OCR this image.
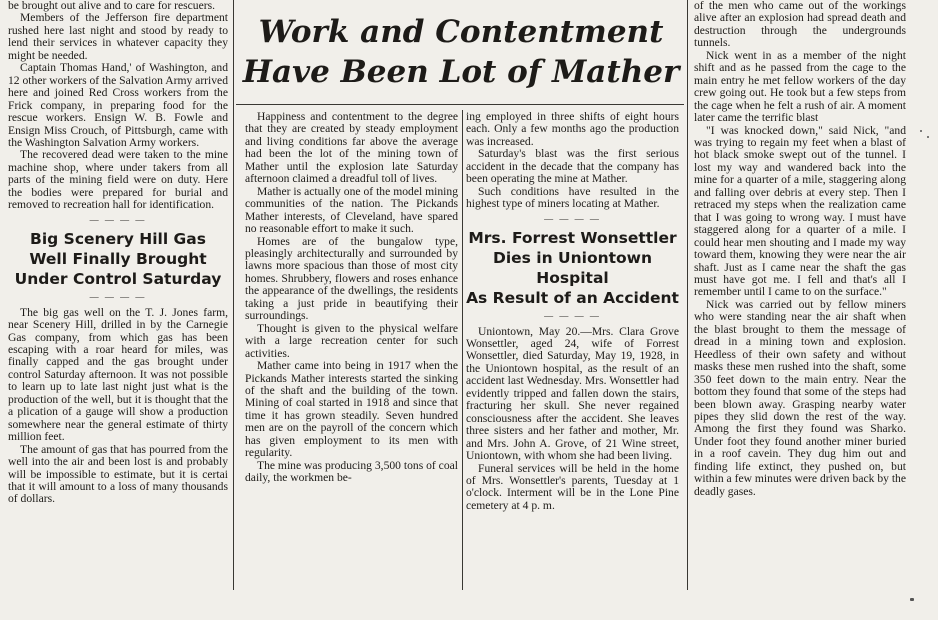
Work and Contentment
Have Been Lot of Mather

be brought out alive and to care for rescuers.

Members of the Jefferson fire department rushed here last night and stood by ready to lend their services in whatever capacity they might be needed.

Captain Thomas Hand,' of Washington, and 12 other workers of the Salvation Army arrived here and joined Red Cross workers from the Frick company, in preparing food for the rescue workers. Ensign W. B. Fowle and Ensign Miss Crouch, of Pittsburgh, came with the Washington Salvation Army workers.

The recovered dead were taken to the mine machine shop, where under takers from all parts of the mining field were on duty. Here the bodies were prepared for burial and removed to recreation hall for identification.

— — — —
Big Scenery Hill Gas
Well Finally Brought
Under Control Saturday
— — — —

The big gas well on the T. J. Jones farm, near Scenery Hill, drilled in by the Carnegie Gas company, from which gas has been escaping with a roar heard for miles, was finally capped and the gas brought under control Saturday afternoon. It was not possible to learn up to late last night just what is the production of the well, but it is thought that the a plication of a gauge will show a production somewhere near the general estimate of thirty million feet.

The amount of gas that has pourred from the well into the air and been lost is and probably will be impossible to estimate, but it is certai that it will amount to a loss of many thousands of dollars.

Happiness and contentment to the degree that they are created by steady employment and living conditions far above the average had been the lot of the mining town of Mather until the explosion late Saturday afternoon claimed a dreadful toll of lives.

Mather is actually one of the model mining communities of the nation. The Pickands Mather interests, of Cleveland, have spared no reasonable effort to make it such.

Homes are of the bungalow type, pleasingly architecturally and surrounded by lawns more spacious than those of most city homes. Shrubbery, flowers and roses enhance the appearance of the dwellings, the residents taking a just pride in beautifying their surroundings.

Thought is given to the physical welfare with a large recreation center for such activities.

Mather came into being in 1917 when the Pickands Mather interests started the sinking of the shaft and the building of the town. Mining of coal started in 1918 and since that time it has grown steadily. Seven hundred men are on the payroll of the concern which has given employment to its men with regularity.

The mine was producing 3,500 tons of coal daily, the workmen be-

ing employed in three shifts of eight hours each. Only a few months ago the production was increased.

Saturday's blast was the first serious accident in the decade that the company has been operating the mine at Mather.

Such conditions have resulted in the highest type of miners locating at Mather.

— — — —
Mrs. Forrest Wonsettler
Dies in Uniontown Hospital
As Result of an Accident
— — — —

Uniontown, May 20.—Mrs. Clara Grove Wonsettler, aged 24, wife of Forrest Wonsettler, died Saturday, May 19, 1928, in the Uniontown hospital, as the result of an accident last Wednesday. Mrs. Wonsettler had evidently tripped and fallen down the stairs, fracturing her skull. She never regained consciousness after the accident. She leaves three sisters and her father and mother, Mr. and Mrs. John A. Grove, of 21 Wine street, Uniontown, with whom she had been living.

Funeral services will be held in the home of Mrs. Wonsettler's parents, Tuesday at 1 o'clock. Interment will be in the Lone Pine cemetery at 4 p. m.

of the men who came out of the workings alive after an explosion had spread death and destruction through the undergrounds tunnels.

Nick went in as a member of the night shift and as he passed from the cage to the main entry he met fellow workers of the day crew going out. He took but a few steps from the cage when he felt a rush of air. A moment later came the terrific blast

"I was knocked down," said Nick, "and was trying to regain my feet when a blast of hot black smoke swept out of the tunnel. I lost my way and wandered back into the mine for a quarter of a mile, staggering along and falling over debris at every step. Then I retraced my steps when the realization came that I was going to wrong way. I must have staggered along for a quarter of a mile. I could hear men shouting and I made my way toward them, knowing they were near the air shaft. Just as I came near the shaft the gas must have got me. I fell and that's all I remember until I came to on the surface."

Nick was carried out by fellow miners who were standing near the air shaft when the blast brought to them the message of dread in a mining town and explosion. Heedless of their own safety and without masks these men rushed into the shaft, some 350 feet down to the main entry. Near the bottom they found that some of the steps had been blown away. Grasping nearby water pipes they slid down the rest of the way. Among the first they found was Sharko. Under foot they found another miner buried in a roof cavein. They dug him out and finding life extinct, they pushed on, but within a few minutes were driven back by the deadly gases.
